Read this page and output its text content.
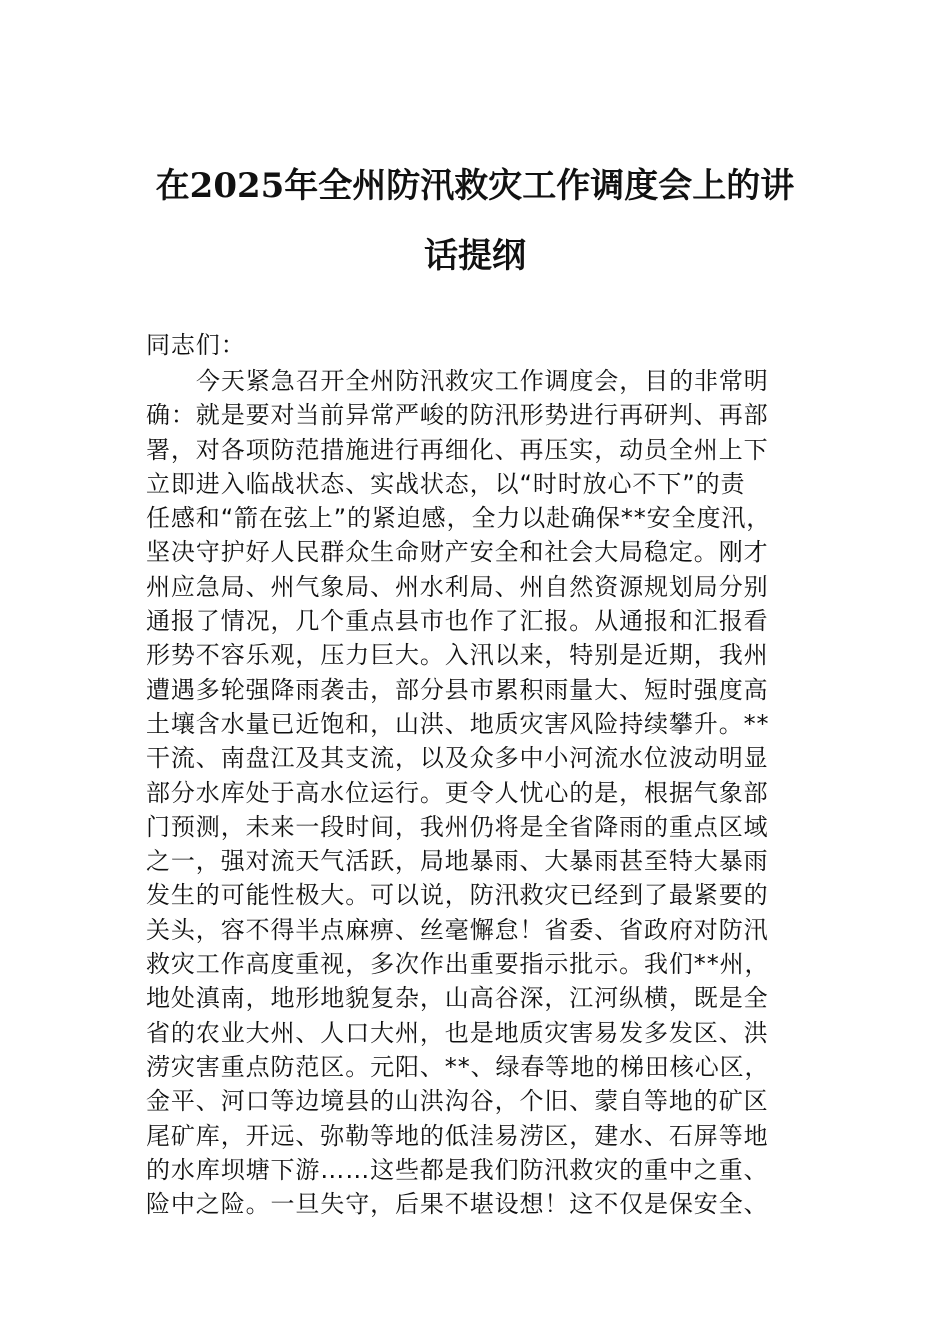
在2025年全州防汛救灾工作调度会上的讲
话提纲

同志们：

今天紧急召开全州防汛救灾工作调度会，目的非常明
确：就是要对当前异常严峻的防汛形势进行再研判、再部
署，对各项防范措施进行再细化、再压实，动员全州上下
立即进入临战状态、实战状态，以“时时放心不下”的责
任感和“箭在弦上”的紧迫感，全力以赴确保**安全度汛，
坚决守护好人民群众生命财产安全和社会大局稳定。刚才
州应急局、州气象局、州水利局、州自然资源规划局分别
通报了情况，几个重点县市也作了汇报。从通报和汇报看
形势不容乐观，压力巨大。入汛以来，特别是近期，我州
遭遇多轮强降雨袭击，部分县市累积雨量大、短时强度高
土壤含水量已近饱和，山洪、地质灾害风险持续攀升。**
干流、南盘江及其支流，以及众多中小河流水位波动明显
部分水库处于高水位运行。更令人忧心的是，根据气象部
门预测，未来一段时间，我州仍将是全省降雨的重点区域
之一，强对流天气活跃，局地暴雨、大暴雨甚至特大暴雨
发生的可能性极大。可以说，防汛救灾已经到了最紧要的
关头，容不得半点麻痹、丝毫懈怠！省委、省政府对防汛
救灾工作高度重视，多次作出重要指示批示。我们**州，
地处滇南，地形地貌复杂，山高谷深，江河纵横，既是全
省的农业大州、人口大州，也是地质灾害易发多发区、洪
涝灾害重点防范区。元阳、**、绿春等地的梯田核心区，
金平、河口等边境县的山洪沟谷，个旧、蒙自等地的矿区
尾矿库，开远、弥勒等地的低洼易涝区，建水、石屏等地
的水库坝塘下游……这些都是我们防汛救灾的重中之重、
险中之险。一旦失守，后果不堪设想！这不仅是保安全、
